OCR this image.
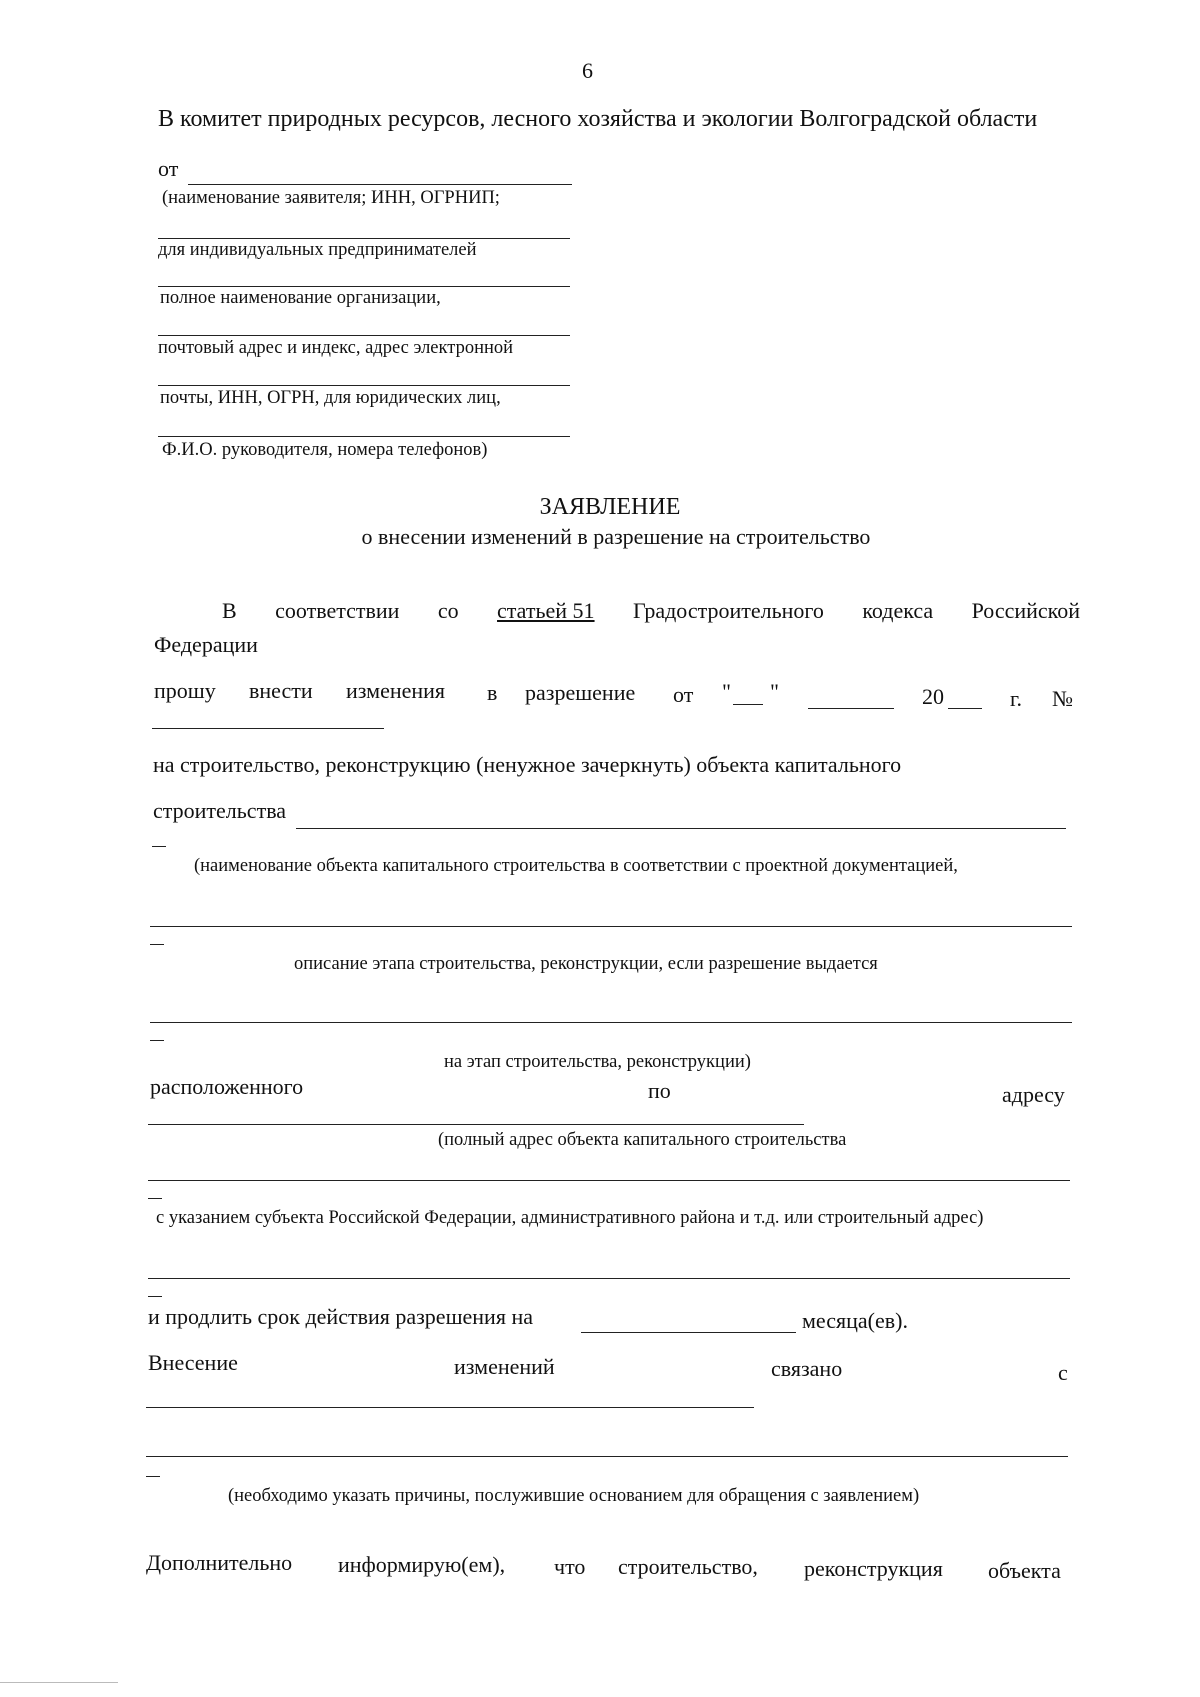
6
В комитет природных ресурсов, лесного хозяйства и экологии Волгоградской области
от
(наименование заявителя; ИНН, ОГРНИП;
для индивидуальных предпринимателей
полное наименование организации,
почтовый адрес и индекс, адрес электронной
почты, ИНН, ОГРН, для юридических лиц,
Ф.И.О. руководителя, номера телефонов)
ЗАЯВЛЕНИЕ
о внесении изменений в разрешение на строительство
В соответствии со статьей 51 Градостроительного кодекса Российской
Федерации
прошу внести изменения в разрешение от " "	20	г. №
на строительство, реконструкцию (ненужное зачеркнуть) объекта капитального
строительства
(наименование объекта капитального строительства в соответствии с проектной документацией,
описание этапа строительства, реконструкции, если разрешение выдается
на этап строительства, реконструкции)
расположенного	по	адресу
(полный адрес объекта капитального строительства
с указанием субъекта Российской Федерации, административного района и т.д. или строительный адрес)
и продлить срок действия разрешения на	месяца(ев).
Внесение	изменений	связано	с
(необходимо указать причины, послужившие основанием для обращения с заявлением)
Дополнительно информирую(ем), что строительство, реконструкция объекта
